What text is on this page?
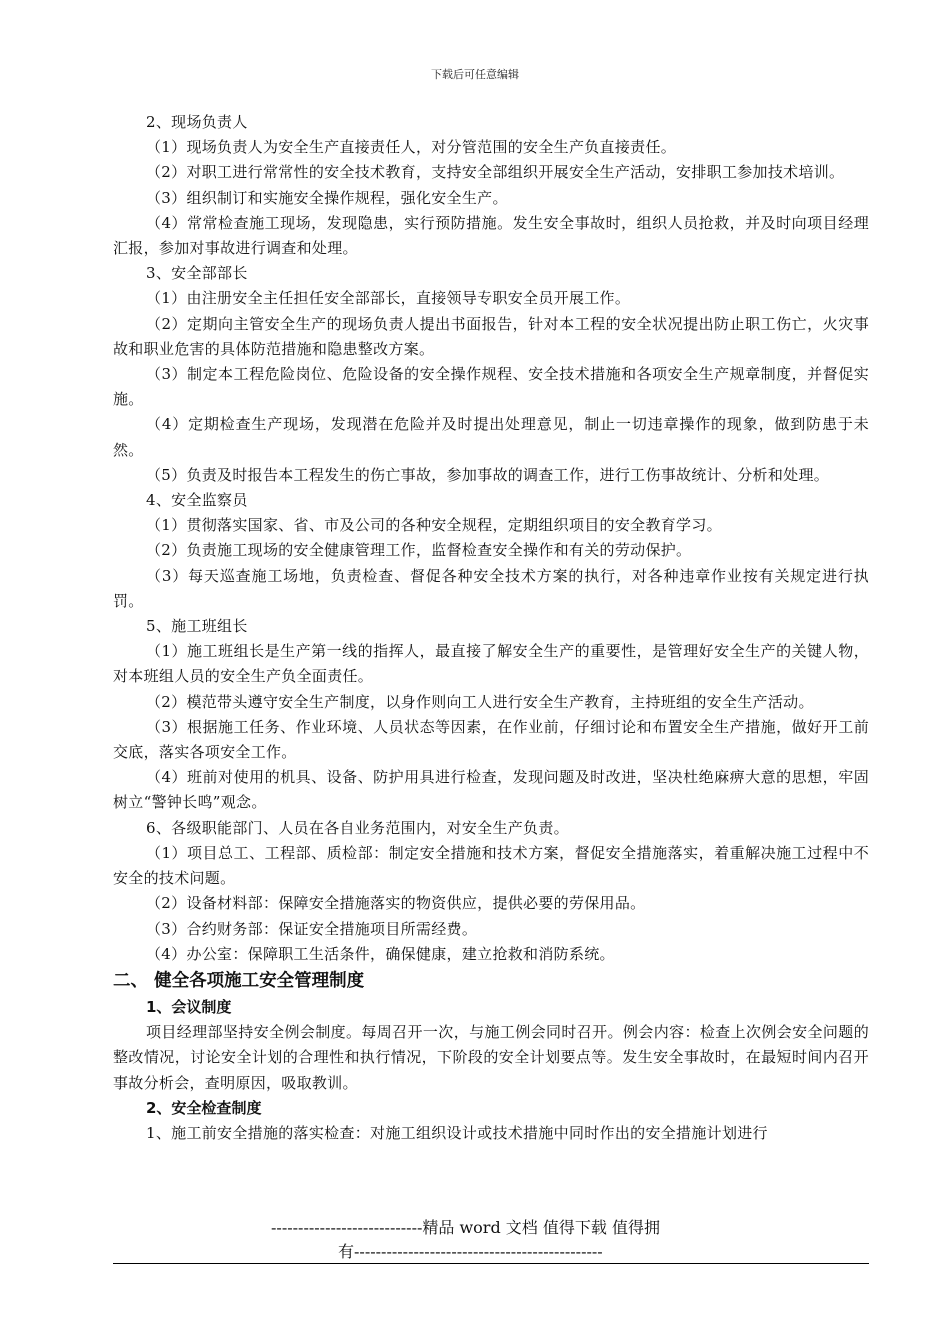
下载后可任意编辑

2、现场负责人

（1）现场负责人为安全生产直接责任人，对分管范围的安全生产负直接责任。

（2）对职工进行常常性的安全技术教育，支持安全部组织开展安全生产活动，安排职工参加技术培训。

（3）组织制订和实施安全操作规程，强化安全生产。

（4）常常检查施工现场，发现隐患，实行预防措施。发生安全事故时，组织人员抢救，并及时向项目经理汇报，参加对事故进行调查和处理。

3、安全部部长

（1）由注册安全主任担任安全部部长，直接领导专职安全员开展工作。

（2）定期向主管安全生产的现场负责人提出书面报告，针对本工程的安全状况提出防止职工伤亡，火灾事故和职业危害的具体防范措施和隐患整改方案。

（3）制定本工程危险岗位、危险设备的安全操作规程、安全技术措施和各项安全生产规章制度，并督促实施。

（4）定期检查生产现场，发现潜在危险并及时提出处理意见，制止一切违章操作的现象，做到防患于未然。

（5）负责及时报告本工程发生的伤亡事故，参加事故的调查工作，进行工伤事故统计、分析和处理。

4、安全监察员

（1）贯彻落实国家、省、市及公司的各种安全规程，定期组织项目的安全教育学习。

（2）负责施工现场的安全健康管理工作，监督检查安全操作和有关的劳动保护。

（3）每天巡查施工场地，负责检查、督促各种安全技术方案的执行，对各种违章作业按有关规定进行执罚。

5、施工班组长

（1）施工班组长是生产第一线的指挥人，最直接了解安全生产的重要性，是管理好安全生产的关键人物，对本班组人员的安全生产负全面责任。

（2）模范带头遵守安全生产制度，以身作则向工人进行安全生产教育，主持班组的安全生产活动。

（3）根据施工任务、作业环境、人员状态等因素，在作业前，仔细讨论和布置安全生产措施，做好开工前交底，落实各项安全工作。

（4）班前对使用的机具、设备、防护用具进行检查，发现问题及时改进，坚决杜绝麻痹大意的思想，牢固树立“警钟长鸣”观念。

6、各级职能部门、人员在各自业务范围内，对安全生产负责。

（1）项目总工、工程部、质检部：制定安全措施和技术方案，督促安全措施落实，着重解决施工过程中不安全的技术问题。

（2）设备材料部：保障安全措施落实的物资供应，提供必要的劳保用品。

（3）合约财务部：保证安全措施项目所需经费。

（4）办公室：保障职工生活条件，确保健康，建立抢救和消防系统。

二、 健全各项施工安全管理制度

1、会议制度

项目经理部坚持安全例会制度。每周召开一次，与施工例会同时召开。例会内容：检查上次例会安全问题的整改情况，讨论安全计划的合理性和执行情况，下阶段的安全计划要点等。发生安全事故时，在最短时间内召开事故分析会，查明原因，吸取教训。

2、安全检查制度

1、施工前安全措施的落实检查：对施工组织设计或技术措施中同时作出的安全措施计划进行

----------------------------精品 word 文档 值得下载 值得拥
有----------------------------------------------
